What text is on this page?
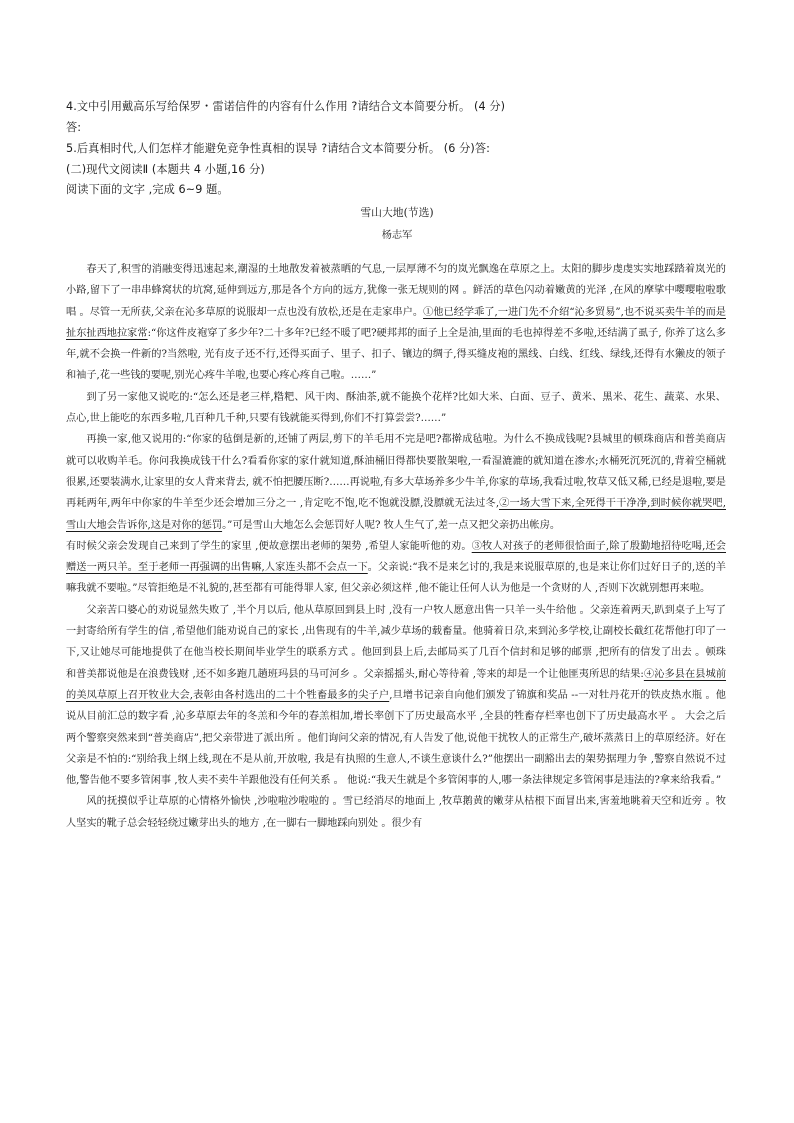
4.文中引用戴高乐写给保罗・雷诺信件的内容有什么作用 ?请结合文本简要分析。 (4 分)
答:
5.后真相时代,人们怎样才能避免竞争性真相的误导 ?请结合文本简要分析。 (6 分)答:
(二)现代文阅读Ⅱ (本题共 4 小题,16 分)
阅读下面的文字 ,完成 6~9 题。
雪山大地(节选)
杨志军

春天了,积雪的消融变得迅速起来,潮湿的土地散发着被蒸晒的气息,一层厚薄不匀的岚光飘逸在草原之上。太阳的脚步虔虔实实地踩踏着岚光的小路,留下了一串串蜂窝状的坑窝,延伸到远方,那是各个方向的远方,犹像一张无规则的网 。鲜活的草色闪动着嫩黄的光泽 ,在风的摩挲中嘤嘤啦啦歌唱 。尽管一无所获,父亲在沁多草原的说服却一点也没有放松,还是在走家串户。①他已经学乖了,一进门先不介绍“沁多贸易”,也不说买卖牛羊的而是扯东扯西地拉家常:“你这件皮袍穿了多少年?二十多年?已经不暖了吧?硬邦邦的面子上全是油,里面的毛也掉得差不多啦,还结满了虱子, 你养了这么多年,就不会换一件新的?当然啦, 光有皮子还不行,还得买面子、里子、扣子、镶边的绸子,得买缝皮袍的黑线、白线、红线、绿线,还得有水獭皮的领子和袖子,花一些钱的要呢,别光心疼牛羊啦,也要心疼心疼自己啦。……”

到了另一家他又说吃的:“怎么还是老三样,糌粑、风干肉、酥油茶,就不能换个花样?比如大米、白面、豆子、黄米、黑米、花生、蔬菜、水果、点心,世上能吃的东西多啦,几百种几千种,只要有钱就能买得到,你们不打算尝尝?……”

再换一家,他又说用的:“你家的毡倒是新的,还铺了两层,剪下的羊毛用不完是吧?都擀成毡啦。为什么不换成钱呢?县城里的顿珠商店和普美商店就可以收购羊毛。你问我换成钱干什么?看看你家的家什就知道,酥油桶旧得都快要散架啦,一看湿漉漉的就知道在渗水;水桶死沉死沉的,背着空桶就很累,还要装满水,让家里的女人背来背去, 就不怕把腰压断?……再说啦,有多大草场养多少牛羊,你家的草场,我看过啦,牧草又低又稀,已经是退啦,要是再耗两年,两年中你家的牛羊至少还会增加三分之一 ,肯定吃不饱,吃不饱就没膘,没膘就无法过冬,②一场大雪下来,全死得干干净净,到时候你就哭吧,雪山大地会告诉你,这是对你的惩罚。”可是雪山大地怎么会惩罚好人呢? 牧人生气了,差一点又把父亲扔出帐房。

有时候父亲会发现自己来到了学生的家里 ,便故意摆出老师的架势 ,希望人家能听他的劝。③牧人对孩子的老师很恰面子,除了殷勤地招待吃喝,还会赠送一两只羊。至于老师一再强调的出售嘛,人家连头都不会点一下。父亲说:“我不是来乞讨的,我是来说服草原的,也是来让你们过好日子的,送的羊嘛我就不要啦。”尽管拒绝是不礼貌的,甚至都有可能得罪人家, 但父亲必须这样 ,他不能让任何人认为他是一个贪财的人 ,否则下次就别想再来啦。

父亲苦口婆心的劝说显然失败了 ,半个月以后, 他从草原回到县上时 ,没有一户牧人愿意出售一只羊一头牛给他 。父亲连着两天,趴到桌子上写了一封寄给所有学生的信 ,希望他们能劝说自己的家长 ,出售现有的牛羊,减少草场的载畜量。他骑着日尕,来到沁多学校,让副校长截红花帮他打印了一下,又让她尽可能地提供了在他当校长期间毕业学生的联系方式 。他回到县上后,去邮局买了几百个信封和足够的邮票 ,把所有的信发了出去 。顿珠和普美都说他是在浪费钱财 ,还不如多跑几趟班玛县的马可河乡 。父亲摇摇头,耐心等待着 ,等来的却是一个让他匪夷所思的结果:④沁多县在县城前的美凤草原上召开牧业大会,表彰由各村选出的二十个牲畜最多的尖子户,旦增书记亲自向他们颁发了锦旗和奖品 --一对牡丹花开的铁皮热水瓶 。他说从目前汇总的数字看 ,沁多草原去年的冬羔和今年的春羔相加,增长率创下了历史最高水平 ,全县的牲畜存栏率也创下了历史最高水平 。 大会之后两个警察突然来到“普美商店”,把父亲带进了派出所 。他们询问父亲的情况,有人告发了他,说他干扰牧人的正常生产,破坏蒸蒸日上的草原经济。好在父亲是不怕的:“别给我上纲上线,现在不是从前,开放啦, 我是有执照的生意人,不谈生意谈什么?”他摆出一副豁出去的架势据理力争 ,警察自然说不过他,警告他不要多管闲事 ,牧人卖不卖牛羊跟他没有任何关系 。 他说:“我天生就是个多管闲事的人,哪一条法律规定多管闲事是违法的?拿来给我看。”

风的抚摸似乎让草原的心情格外愉快 ,沙啦啦沙啦啦的 。雪已经消尽的地面上 ,牧草鹅黄的嫩芽从枯根下面冒出来,害羞地眺着天空和近旁 。牧人坚实的靴子总会轻轻绕过嫩芽出头的地方 ,在一脚右一脚地踩向别处 。很少有
